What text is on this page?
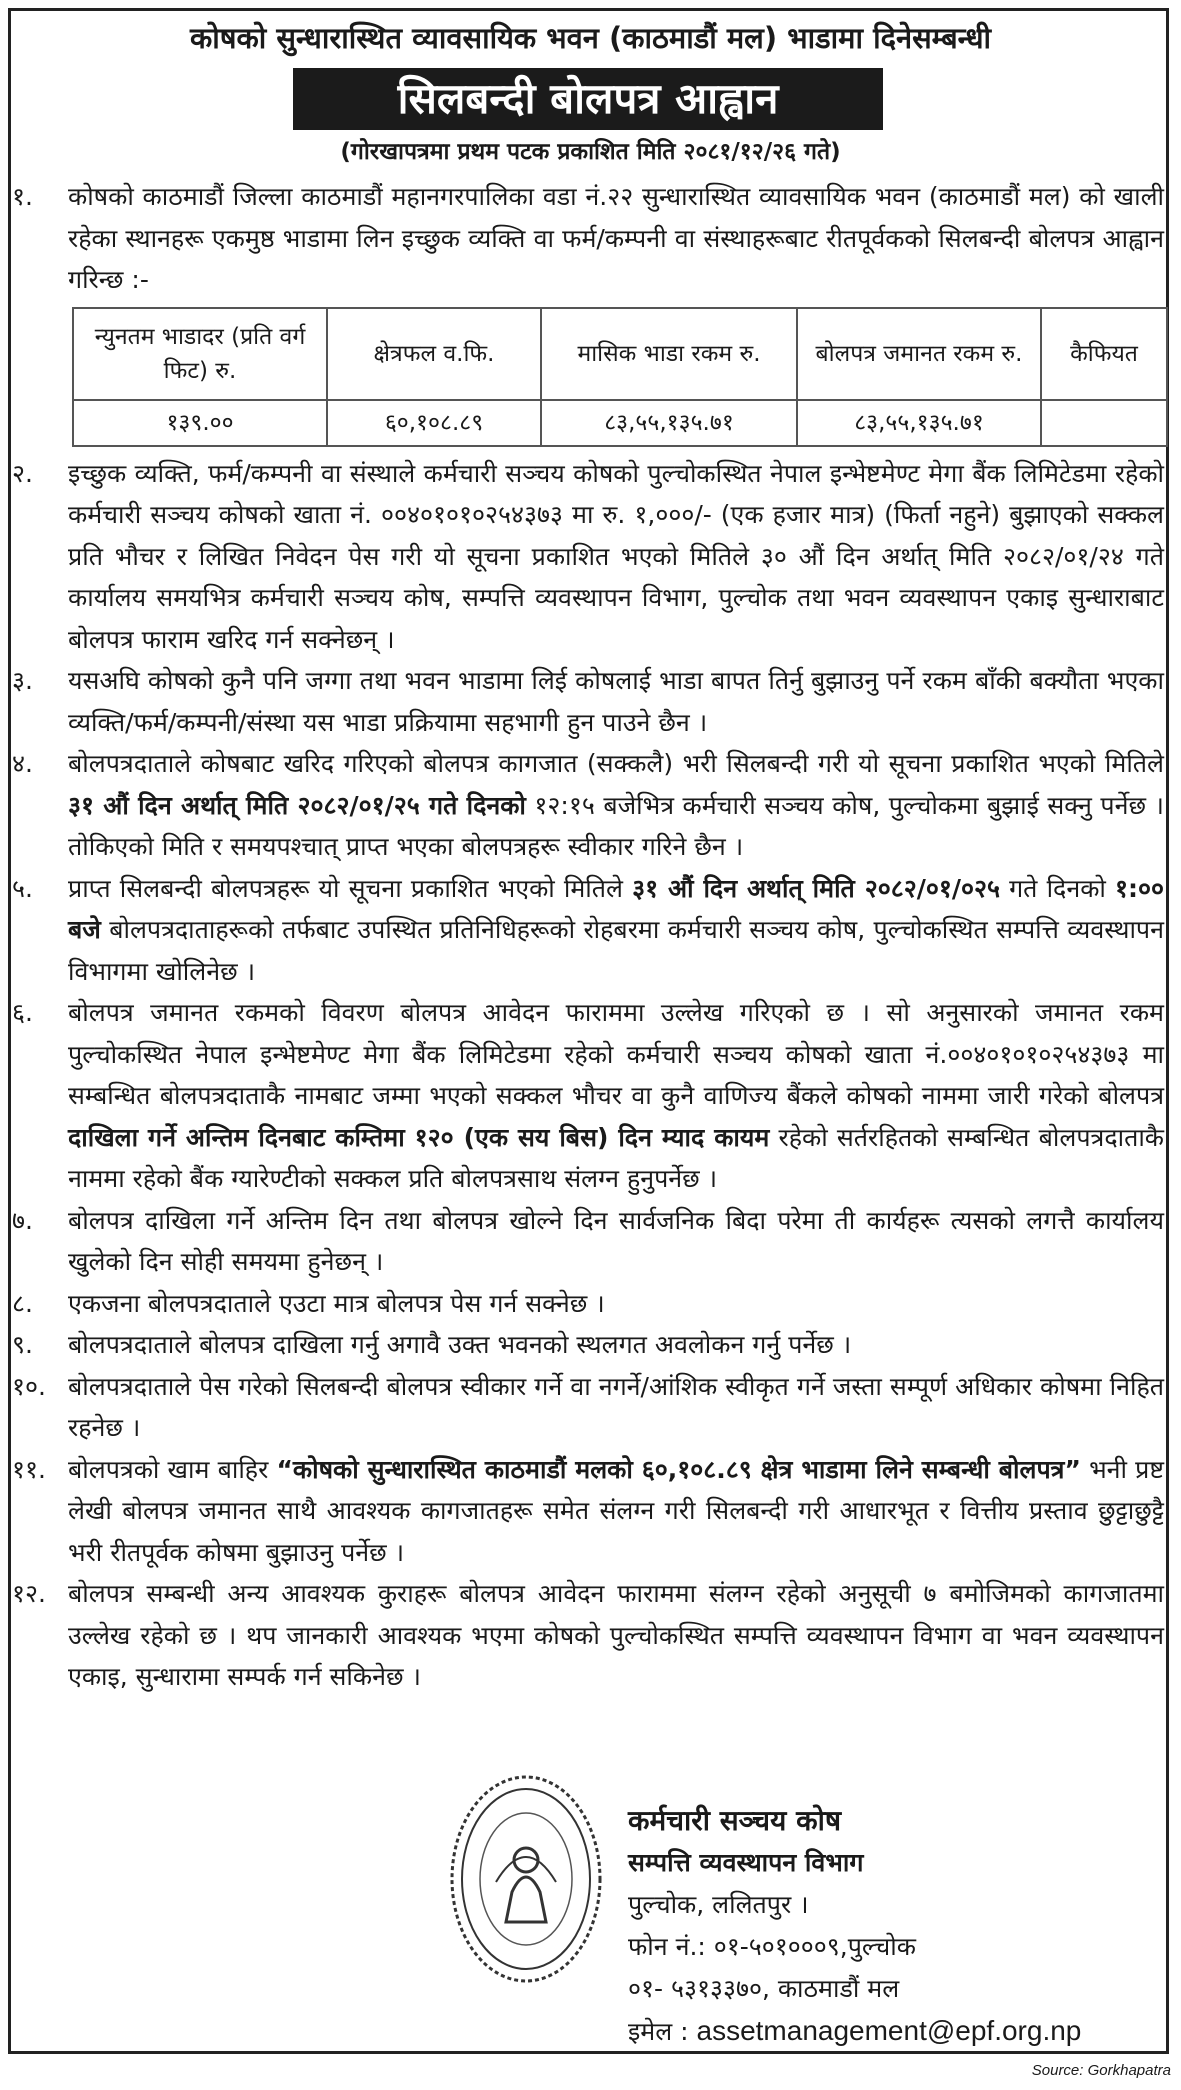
कोषको सुन्धारास्थित व्यावसायिक भवन (काठमाडौं मल) भाडामा दिनेसम्बन्धी
सिलबन्दी बोलपत्र आह्वान
(गोरखापत्रमा प्रथम पटक प्रकाशित मिति २०८१/१२/२६ गते)
१.	कोषको काठमाडौं जिल्ला काठमाडौं महानगरपालिका वडा नं.२२ सुन्धारास्थित व्यावसायिक भवन (काठमाडौं मल) को खाली रहेका स्थानहरू एकमुष्ठ भाडामा लिन इच्छुक व्यक्ति वा फर्म/कम्पनी वा संस्थाहरूबाट रीतपूर्वकको सिलबन्दी बोलपत्र आह्वान गरिन्छ :-
न्युनतम भाडादर (प्रति वर्ग फिट) रु.	क्षेत्रफल व.फि.	मासिक भाडा रकम रु.	बोलपत्र जमानत रकम रु.	कैफियत
१३९.००	६०,१०८.८९	८३,५५,१३५.७१	८३,५५,१३५.७१	
२.	इच्छुक व्यक्ति, फर्म/कम्पनी वा संस्थाले कर्मचारी सञ्चय कोषको पुल्चोकस्थित नेपाल इन्भेष्टमेण्ट मेगा बैंक लिमिटेडमा रहेको कर्मचारी सञ्चय कोषको खाता नं. ००४०१०१०२५४३७३ मा रु. १,०००/- (एक हजार मात्र) (फिर्ता नहुने) बुझाएको सक्कल प्रति भौचर र लिखित निवेदन पेस गरी यो सूचना प्रकाशित भएको मितिले ३० औं दिन अर्थात् मिति २०८२/०१/२४ गते कार्यालय समयभित्र कर्मचारी सञ्चय कोष, सम्पत्ति व्यवस्थापन विभाग, पुल्चोक तथा भवन व्यवस्थापन एकाइ सुन्धाराबाट बोलपत्र फाराम खरिद गर्न सक्नेछन् ।
३.	यसअघि कोषको कुनै पनि जग्गा तथा भवन भाडामा लिई कोषलाई भाडा बापत तिर्नु बुझाउनु पर्ने रकम बाँकी बक्यौता भएका व्यक्ति/फर्म/कम्पनी/संस्था यस भाडा प्रक्रियामा सहभागी हुन पाउने छैन ।
४.	बोलपत्रदाताले कोषबाट खरिद गरिएको बोलपत्र कागजात (सक्कलै) भरी सिलबन्दी गरी यो सूचना प्रकाशित भएको मितिले ३१ औं दिन अर्थात् मिति २०८२/०१/२५ गते दिनको १२:१५ बजेभित्र कर्मचारी सञ्चय कोष, पुल्चोकमा बुझाई सक्नु पर्नेछ । तोकिएको मिति र समयपश्चात् प्राप्त भएका बोलपत्रहरू स्वीकार गरिने छैन ।
५.	प्राप्त सिलबन्दी बोलपत्रहरू यो सूचना प्रकाशित भएको मितिले ३१ औं दिन अर्थात् मिति २०८२/०१/०२५ गते दिनको १:०० बजे बोलपत्रदाताहरूको तर्फबाट उपस्थित प्रतिनिधिहरूको रोहबरमा कर्मचारी सञ्चय कोष, पुल्चोकस्थित सम्पत्ति व्यवस्थापन विभागमा खोलिनेछ ।
६.	बोलपत्र जमानत रकमको विवरण बोलपत्र आवेदन फाराममा उल्लेख गरिएको छ । सो अनुसारको जमानत रकम पुल्चोकस्थित नेपाल इन्भेष्टमेण्ट मेगा बैंक लिमिटेडमा रहेको कर्मचारी सञ्चय कोषको खाता नं.००४०१०१०२५४३७३ मा सम्बन्धित बोलपत्रदाताकै नामबाट जम्मा भएको सक्कल भौचर वा कुनै वाणिज्य बैंकले कोषको नाममा जारी गरेको बोलपत्र दाखिला गर्ने अन्तिम दिनबाट कम्तिमा १२० (एक सय बिस) दिन म्याद कायम रहेको सर्तरहितको सम्बन्धित बोलपत्रदाताकै नाममा रहेको बैंक ग्यारेण्टीको सक्कल प्रति बोलपत्रसाथ संलग्न हुनुपर्नेछ ।
७.	बोलपत्र दाखिला गर्ने अन्तिम दिन तथा बोलपत्र खोल्ने दिन सार्वजनिक बिदा परेमा ती कार्यहरू त्यसको लगत्तै कार्यालय खुलेको दिन सोही समयमा हुनेछन् ।
८.	एकजना बोलपत्रदाताले एउटा मात्र बोलपत्र पेस गर्न सक्नेछ ।
९.	बोलपत्रदाताले बोलपत्र दाखिला गर्नु अगावै उक्त भवनको स्थलगत अवलोकन गर्नु पर्नेछ ।
१०. बोलपत्रदाताले पेस गरेको सिलबन्दी बोलपत्र स्वीकार गर्ने वा नगर्ने/आंशिक स्वीकृत गर्ने जस्ता सम्पूर्ण अधिकार कोषमा निहित रहनेछ ।
११. बोलपत्रको खाम बाहिर “कोषको सुन्धारास्थित काठमाडौं मलको ६०,१०८.८९ क्षेत्र भाडामा लिने सम्बन्धी बोलपत्र” भनी प्रष्ट लेखी बोलपत्र जमानत साथै आवश्यक कागजातहरू समेत संलग्न गरी सिलबन्दी गरी आधारभूत र वित्तीय प्रस्ताव छुट्टाछुट्टै भरी रीतपूर्वक कोषमा बुझाउनु पर्नेछ ।
१२. बोलपत्र सम्बन्धी अन्य आवश्यक कुराहरू बोलपत्र आवेदन फाराममा संलग्न रहेको अनुसूची ७ बमोजिमको कागजातमा उल्लेख रहेको छ । थप जानकारी आवश्यक भएमा कोषको पुल्चोकस्थित सम्पत्ति व्यवस्थापन विभाग वा भवन व्यवस्थापन एकाइ, सुन्धारामा सम्पर्क गर्न सकिनेछ ।
कर्मचारी सञ्चय कोष
सम्पत्ति व्यवस्थापन विभाग
पुल्चोक, ललितपुर ।
फोन नं.: ०१-५०१०००९,पुल्चोक
०१- ५३१३३७०, काठमाडौं मल
इमेल : assetmanagement@epf.org.np
Source: Gorkhapatra
